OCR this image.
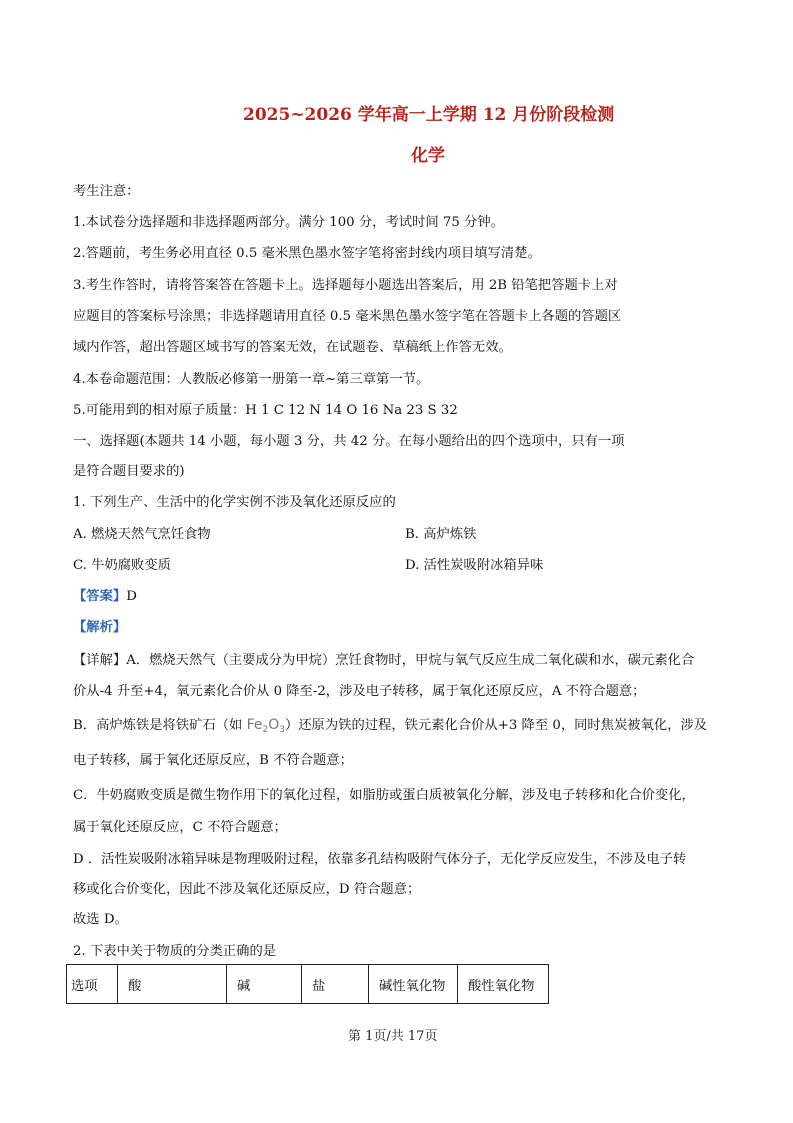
2025~2026 学年高一上学期 12 月份阶段检测
化学
考生注意：
1.本试卷分选择题和非选择题两部分。满分 100 分，考试时间 75 分钟。
2.答题前，考生务必用直径 0.5 毫米黑色墨水签字笔将密封线内项目填写清楚。
3.考生作答时，请将答案答在答题卡上。选择题每小题选出答案后，用 2B 铅笔把答题卡上对
应题目的答案标号涂黑；非选择题请用直径 0.5 毫米黑色墨水签字笔在答题卡上各题的答题区
域内作答，超出答题区域书写的答案无效，在试题卷、草稿纸上作答无效。
4.本卷命题范围：人教版必修第一册第一章~第三章第一节。
5.可能用到的相对原子质量：H 1 C 12 N 14 O 16 Na 23 S 32
一、选择题(本题共 14 小题，每小题 3 分，共 42 分。在每小题给出的四个选项中，只有一项
是符合题目要求的)
1. 下列生产、生活中的化学实例不涉及氧化还原反应的
A. 燃烧天然气烹饪食物	B. 高炉炼铁
C. 牛奶腐败变质	D. 活性炭吸附冰箱异味
【答案】D
【解析】
【详解】A．燃烧天然气（主要成分为甲烷）烹饪食物时，甲烷与氧气反应生成二氧化碳和水，碳元素化合
价从-4 升至+4，氧元素化合价从 0 降至-2，涉及电子转移，属于氧化还原反应，A 不符合题意；
B．高炉炼铁是将铁矿石（如 $Fe_2O_3$）还原为铁的过程，铁元素化合价从+3 降至 0，同时焦炭被氧化，涉及
电子转移，属于氧化还原反应，B 不符合题意；
C．牛奶腐败变质是微生物作用下的氧化过程，如脂肪或蛋白质被氧化分解，涉及电子转移和化合价变化，
属于氧化还原反应，C 不符合题意；
D ．活性炭吸附冰箱异味是物理吸附过程，依靠多孔结构吸附气体分子，无化学反应发生，不涉及电子转
移或化合价变化，因此不涉及氧化还原反应，D 符合题意；
故选 D。
2. 下表中关于物质的分类正确的是
选项	酸	碱	盐	碱性氧化物	酸性氧化物
第 1页/共 17页
